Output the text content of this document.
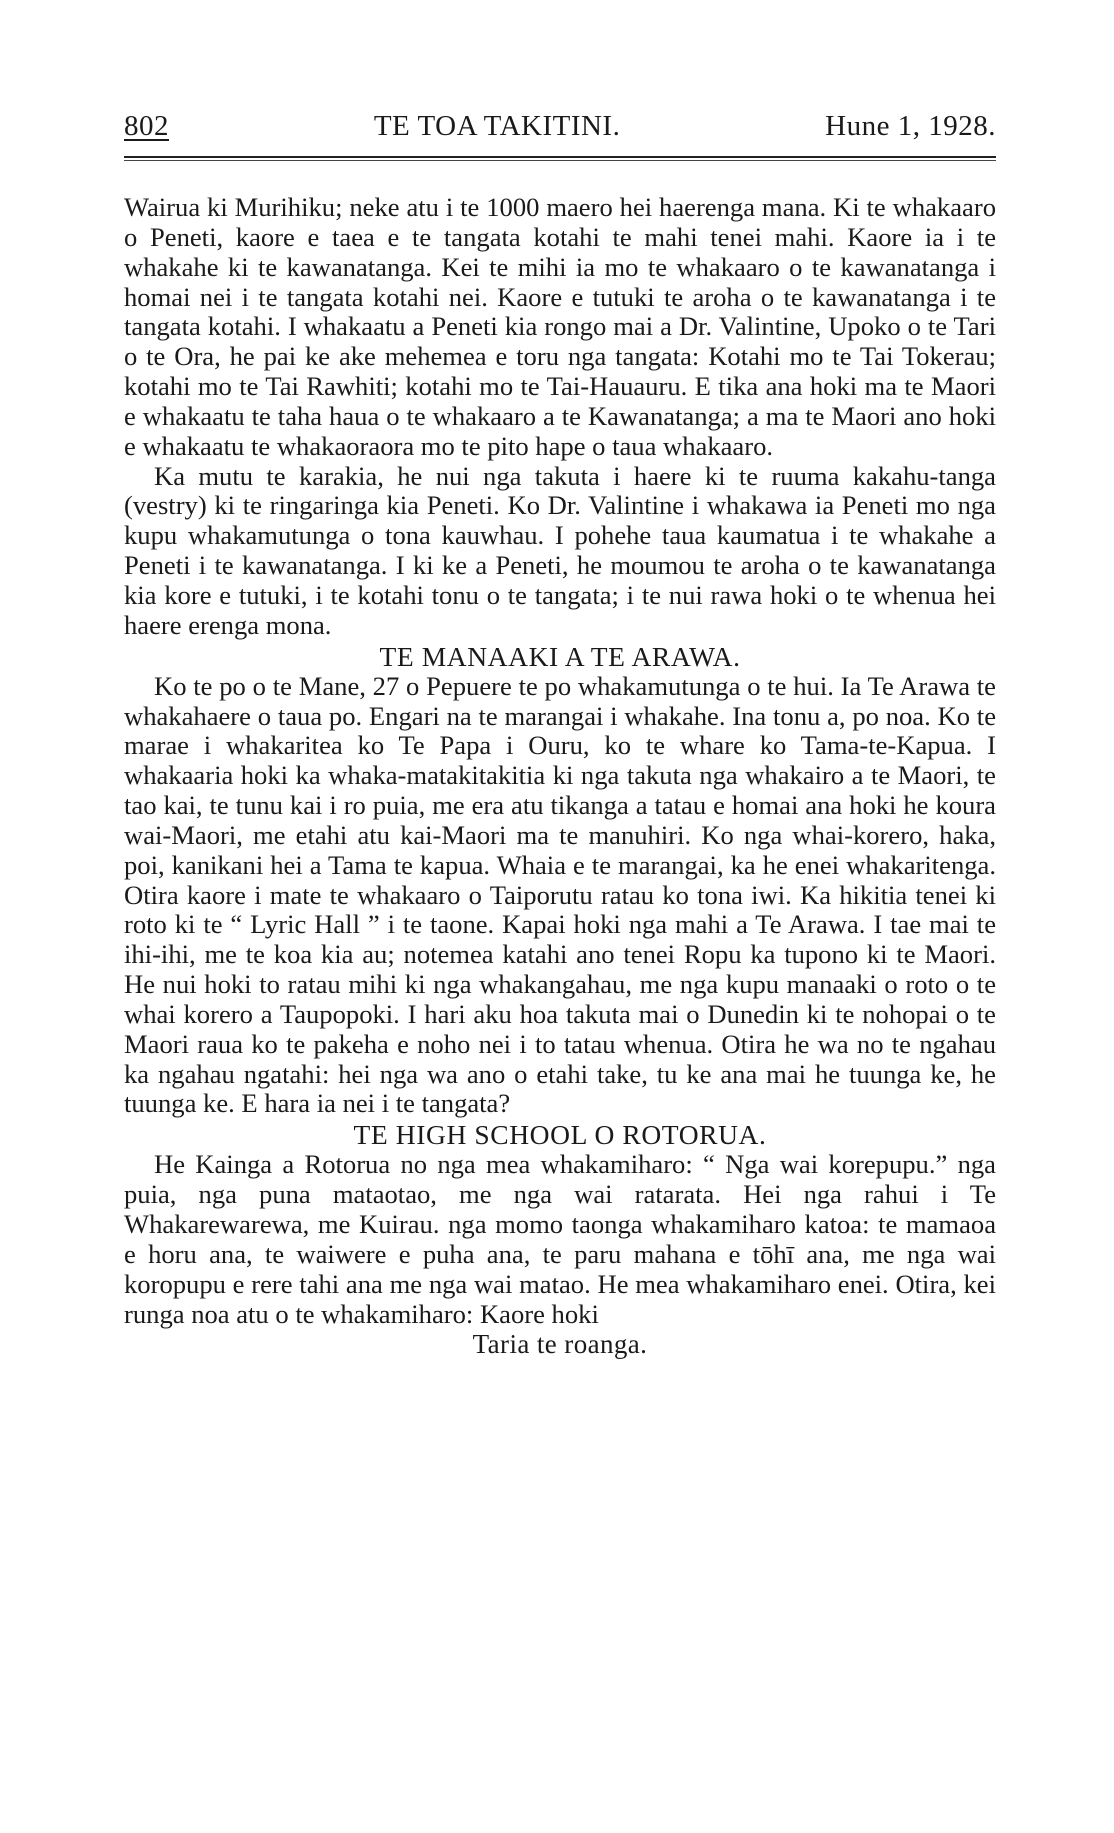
802	TE TOA TAKITINI.	Hune 1, 1928.

Wairua ki Murihiku; neke atu i te 1000 maero hei haerenga mana. Ki te whakaaro o Peneti, kaore e taea e te tangata kotahi te mahi tenei mahi. Kaore ia i te whakahe ki te kawanatanga. Kei te mihi ia mo te whakaaro o te kawanatanga i homai nei i te tangata kotahi nei. Kaore e tutuki te aroha o te kawanatanga i te tangata kotahi. I whakaatu a Peneti kia rongo mai a Dr. Valintine, Upoko o te Tari o te Ora, he pai ke ake mehemea e toru nga tangata: Kotahi mo te Tai Tokerau; kotahi mo te Tai Rawhiti; kotahi mo te Tai-Hauauru. E tika ana hoki ma te Maori e whakaatu te taha haua o te whakaaro a te Kawanatanga; a ma te Maori ano hoki e whakaatu te whakaoraora mo te pito hape o taua whakaaro.

Ka mutu te karakia, he nui nga takuta i haere ki te ruuma kakahu-tanga (vestry) ki te ringaringa kia Peneti. Ko Dr. Valintine i whakawa ia Peneti mo nga kupu whakamutunga o tona kauwhau. I pohehe taua kaumatua i te whakahe a Peneti i te kawanatanga. I ki ke a Peneti, he moumou te aroha o te kawanatanga kia kore e tutuki, i te kotahi tonu o te tangata; i te nui rawa hoki o te whenua hei haere erenga mona.

TE MANAAKI A TE ARAWA.

Ko te po o te Mane, 27 o Pepuere te po whakamutunga o te hui. Ia Te Arawa te whakahaere o taua po. Engari na te marangai i whakahe. Ina tonu a, po noa. Ko te marae i whakaritea ko Te Papa i Ouru, ko te whare ko Tama-te-Kapua. I whakaaria hoki ka whaka-matakitakitia ki nga takuta nga whakairo a te Maori, te tao kai, te tunu kai i ro puia, me era atu tikanga a tatau e homai ana hoki he koura wai-Maori, me etahi atu kai-Maori ma te manuhiri. Ko nga whai-korero, haka, poi, kanikani hei a Tama te kapua. Whaia e te marangai, ka he enei whakaritenga. Otira kaore i mate te whakaaro o Taiporutu ratau ko tona iwi. Ka hikitia tenei ki roto ki te “ Lyric Hall ” i te taone. Kapai hoki nga mahi a Te Arawa. I tae mai te ihi-ihi, me te koa kia au; notemea katahi ano tenei Ropu ka tupono ki te Maori. He nui hoki to ratau mihi ki nga whakangahau, me nga kupu manaaki o roto o te whai korero a Taupopoki. I hari aku hoa takuta mai o Dunedin ki te nohopai o te Maori raua ko te pakeha e noho nei i to tatau whenua. Otira he wa no te ngahau ka ngahau ngatahi: hei nga wa ano o etahi take, tu ke ana mai he tuunga ke, he tuunga ke. E hara ia nei i te tangata?

TE HIGH SCHOOL O ROTORUA.

He Kainga a Rotorua no nga mea whakamiharo: “ Nga wai korepupu.” nga puia, nga puna mataotao, me nga wai ratarata. Hei nga rahui i Te Whakarewarewa, me Kuirau. nga momo taonga whakamiharo katoa: te mamaoa e horu ana, te waiwere e puha ana, te paru mahana e tōhī ana, me nga wai koropupu e rere tahi ana me nga wai matao. He mea whakamiharo enei. Otira, kei runga noa atu o te whakamiharo: Kaore hoki

Taria te roanga.
